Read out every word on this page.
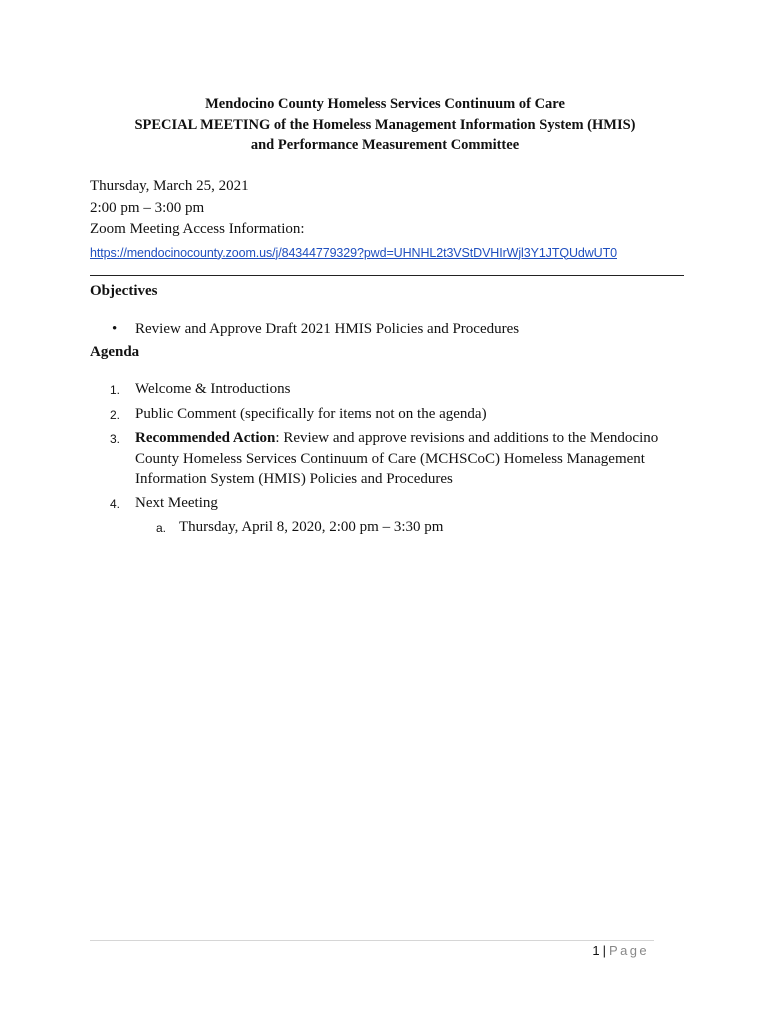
Mendocino County Homeless Services Continuum of Care
SPECIAL MEETING of the Homeless Management Information System (HMIS)
and Performance Measurement Committee
Thursday, March 25, 2021
2:00 pm – 3:00 pm
Zoom Meeting Access Information:
https://mendocinocounty.zoom.us/j/84344779329?pwd=UHNHL2t3VStDVHIrWjl3Y1JTQUdwUT0
Objectives
• Review and Approve Draft 2021 HMIS Policies and Procedures
Agenda
1. Welcome & Introductions
2. Public Comment (specifically for items not on the agenda)
3. Recommended Action: Review and approve revisions and additions to the Mendocino County Homeless Services Continuum of Care (MCHSCoC) Homeless Management Information System (HMIS) Policies and Procedures
4. Next Meeting
a. Thursday, April 8, 2020, 2:00 pm – 3:30 pm
1 | Page
